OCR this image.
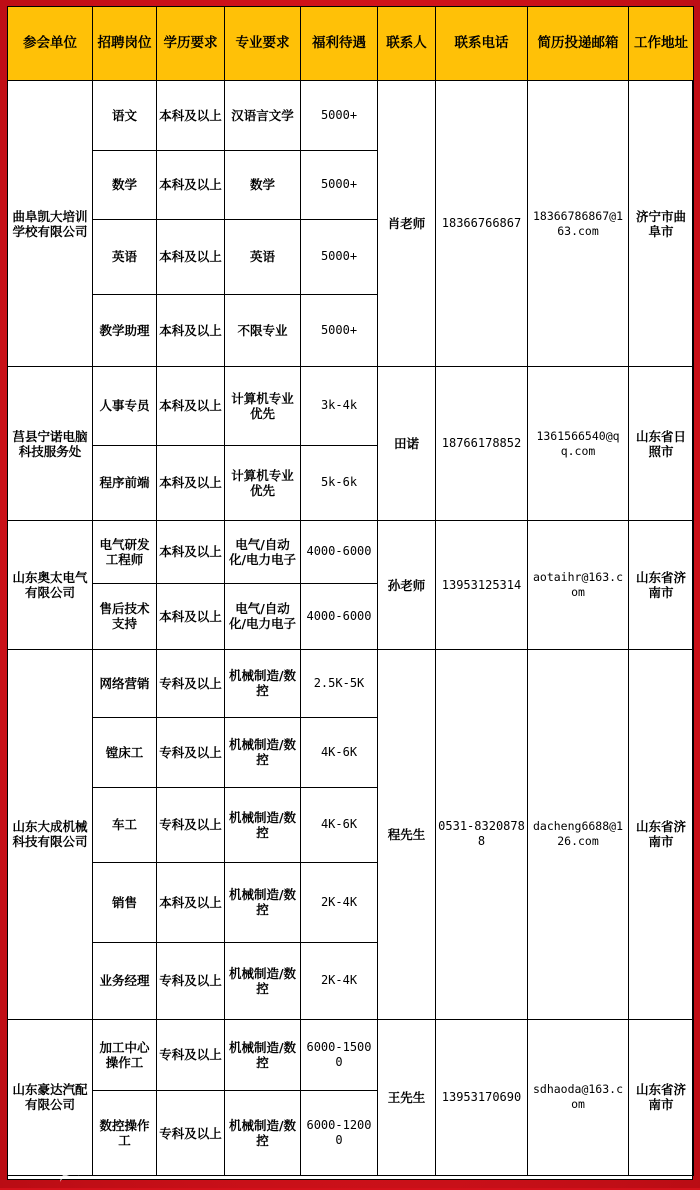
参会单位	招聘岗位	学历要求	专业要求	福利待遇	联系人	联系电话	简历投递邮箱	工作地址
曲阜凯大培训学校有限公司	语文	本科及以上	汉语言文学	5000+	肖老师	18366766867	18366786867@163.com	济宁市曲阜市
	数学	本科及以上	数学	5000+				
	英语	本科及以上	英语	5000+				
	教学助理	本科及以上	不限专业	5000+				
莒县宁诺电脑科技服务处	人事专员	本科及以上	计算机专业优先	3k-4k	田诺	18766178852	1361566540@qq.com	山东省日照市
	程序前端	本科及以上	计算机专业优先	5k-6k				
山东奥太电气有限公司	电气研发工程师	本科及以上	电气/自动化/电力电子	4000-6000	孙老师	13953125314	aotaihr@163.com	山东省济南市
	售后技术支持	本科及以上	电气/自动化/电力电子	4000-6000				
山东大成机械科技有限公司	网络营销	专科及以上	机械制造/数控	2.5K-5K	程先生	0531-83208788	dacheng6688@126.com	山东省济南市
	镗床工	专科及以上	机械制造/数控	4K-6K				
	车工	专科及以上	机械制造/数控	4K-6K				
	销售	本科及以上	机械制造/数控	2K-4K				
	业务经理	专科及以上	机械制造/数控	2K-4K				
山东豪达汽配有限公司	加工中心操作工	专科及以上	机械制造/数控	6000-15000	王先生	13953170690	sdhaoda@163.com	山东省济南市
	数控操作工	专科及以上	机械制造/数控	6000-12000				
